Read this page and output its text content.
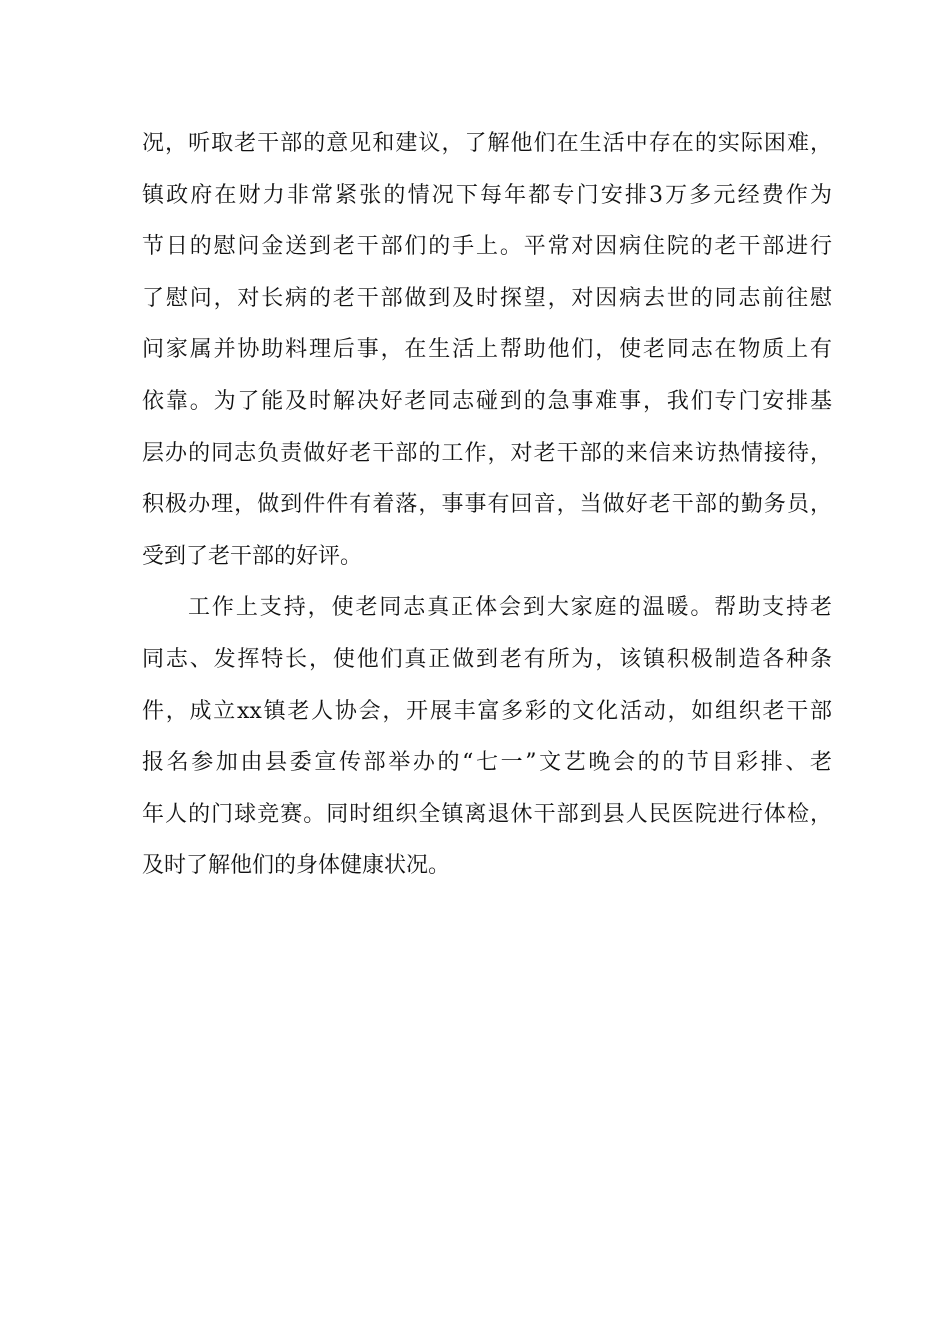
况，听取老干部的意见和建议，了解他们在生活中存在的实际困难，
镇政府在财力非常紧张的情况下每年都专门安排3万多元经费作为
节日的慰问金送到老干部们的手上。平常对因病住院的老干部进行
了慰问，对长病的老干部做到及时探望，对因病去世的同志前往慰
问家属并协助料理后事，在生活上帮助他们，使老同志在物质上有
依靠。为了能及时解决好老同志碰到的急事难事，我们专门安排基
层办的同志负责做好老干部的工作，对老干部的来信来访热情接待，
积极办理，做到件件有着落，事事有回音，当做好老干部的勤务员，
受到了老干部的好评。
工作上支持，使老同志真正体会到大家庭的温暖。帮助支持老
同志、发挥特长，使他们真正做到老有所为，该镇积极制造各种条
件，成立xx镇老人协会，开展丰富多彩的文化活动，如组织老干部
报名参加由县委宣传部举办的“七一”文艺晚会的的节目彩排、老
年人的门球竞赛。同时组织全镇离退休干部到县人民医院进行体检，
及时了解他们的身体健康状况。
